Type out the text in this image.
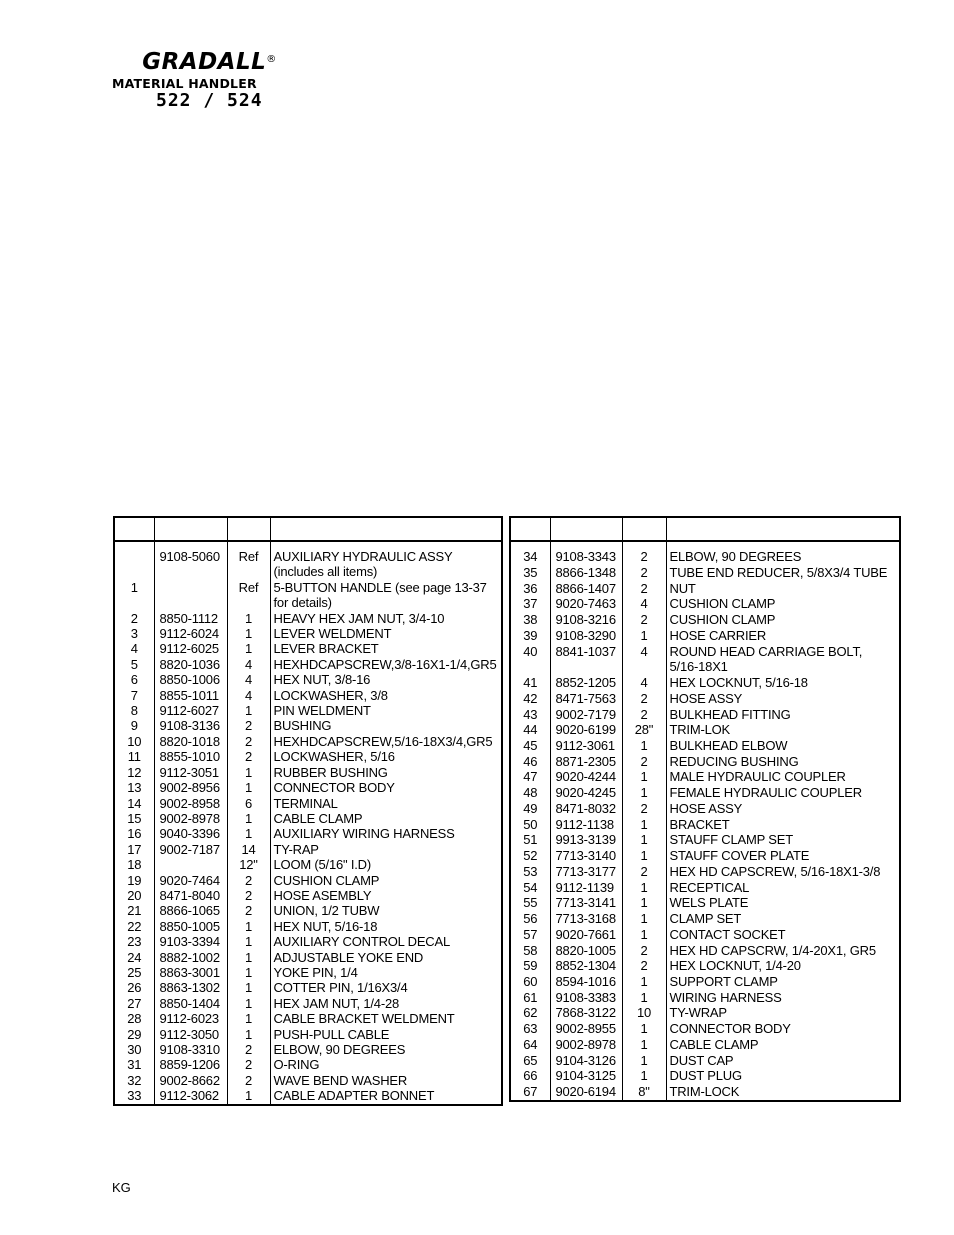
GRADALL®
MATERIAL HANDLER
522 / 524

	9108-5060	Ref	AUXILIARY HYDRAULIC ASSY
			(includes all items)
1		Ref	5-BUTTON HANDLE (see page 13-37
			for details)
2	8850-1112	1	HEAVY HEX JAM NUT, 3/4-10
3	9112-6024	1	LEVER WELDMENT
4	9112-6025	1	LEVER BRACKET
5	8820-1036	4	HEXHDCAPSCREW,3/8-16X1-1/4,GR5
6	8850-1006	4	HEX NUT, 3/8-16
7	8855-1011	4	LOCKWASHER, 3/8
8	9112-6027	1	PIN WELDMENT
9	9108-3136	2	BUSHING
10	8820-1018	2	HEXHDCAPSCREW,5/16-18X3/4,GR5
11	8855-1010	2	LOCKWASHER, 5/16
12	9112-3051	1	RUBBER BUSHING
13	9002-8956	1	CONNECTOR BODY
14	9002-8958	6	TERMINAL
15	9002-8978	1	CABLE CLAMP
16	9040-3396	1	AUXILIARY WIRING HARNESS
17	9002-7187	14	TY-RAP
18		12"	LOOM (5/16" I.D)
19	9020-7464	2	CUSHION CLAMP
20	8471-8040	2	HOSE ASEMBLY
21	8866-1065	2	UNION, 1/2 TUBW
22	8850-1005	1	HEX NUT, 5/16-18
23	9103-3394	1	AUXILIARY CONTROL DECAL
24	8882-1002	1	ADJUSTABLE YOKE END
25	8863-3001	1	YOKE PIN, 1/4
26	8863-1302	1	COTTER PIN, 1/16X3/4
27	8850-1404	1	HEX JAM NUT, 1/4-28
28	9112-6023	1	CABLE BRACKET WELDMENT
29	9112-3050	1	PUSH-PULL CABLE
30	9108-3310	2	ELBOW, 90 DEGREES
31	8859-1206	2	O-RING
32	9002-8662	2	WAVE BEND WASHER
33	9112-3062	1	CABLE ADAPTER BONNET

34	9108-3343	2	ELBOW, 90 DEGREES
35	8866-1348	2	TUBE END REDUCER, 5/8X3/4 TUBE
36	8866-1407	2	NUT
37	9020-7463	4	CUSHION CLAMP
38	9108-3216	2	CUSHION CLAMP
39	9108-3290	1	HOSE CARRIER
40	8841-1037	4	ROUND HEAD CARRIAGE BOLT,
			5/16-18X1
41	8852-1205	4	HEX LOCKNUT, 5/16-18
42	8471-7563	2	HOSE ASSY
43	9002-7179	2	BULKHEAD FITTING
44	9020-6199	28"	TRIM-LOK
45	9112-3061	1	BULKHEAD ELBOW
46	8871-2305	2	REDUCING BUSHING
47	9020-4244	1	MALE HYDRAULIC COUPLER
48	9020-4245	1	FEMALE HYDRAULIC COUPLER
49	8471-8032	2	HOSE ASSY
50	9112-1138	1	BRACKET
51	9913-3139	1	STAUFF CLAMP SET
52	7713-3140	1	STAUFF COVER PLATE
53	7713-3177	2	HEX HD CAPSCREW, 5/16-18X1-3/8
54	9112-1139	1	RECEPTICAL
55	7713-3141	1	WELS PLATE
56	7713-3168	1	CLAMP SET
57	9020-7661	1	CONTACT SOCKET
58	8820-1005	2	HEX HD CAPSCRW, 1/4-20X1, GR5
59	8852-1304	2	HEX LOCKNUT, 1/4-20
60	8594-1016	1	SUPPORT CLAMP
61	9108-3383	1	WIRING HARNESS
62	7868-3122	10	TY-WRAP
63	9002-8955	1	CONNECTOR BODY
64	9002-8978	1	CABLE CLAMP
65	9104-3126	1	DUST CAP
66	9104-3125	1	DUST PLUG
67	9020-6194	8"	TRIM-LOCK
KG
